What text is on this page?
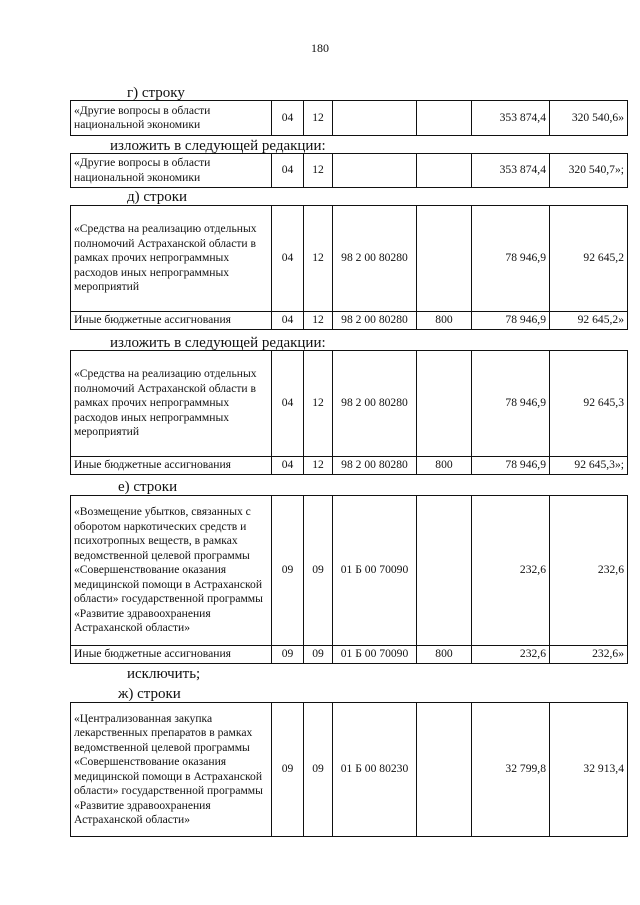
180
г) строку
«Другие вопросы в области национальной экономики	04	12			353 874,4	320 540,6»
изложить в следующей редакции:
«Другие вопросы в области национальной экономики	04	12			353 874,4	320 540,7»;
д) строки
«Средства на реализацию отдельных полномочий Астраханской области в рамках прочих непрограммных расходов иных непрограммных мероприятий	04	12	98 2 00 80280		78 946,9	92 645,2
Иные бюджетные ассигнования	04	12	98 2 00 80280	800	78 946,9	92 645,2»
изложить в следующей редакции:
«Средства на реализацию отдельных полномочий Астраханской области в рамках прочих непрограммных расходов иных непрограммных мероприятий	04	12	98 2 00 80280		78 946,9	92 645,3
Иные бюджетные ассигнования	04	12	98 2 00 80280	800	78 946,9	92 645,3»;
е) строки
«Возмещение убытков, связанных с оборотом наркотических средств и психотропных веществ, в рамках ведомственной целевой программы «Совершенствование оказания медицинской помощи в Астраханской области» государственной программы «Развитие здравоохранения Астраханской области»	09	09	01 Б 00 70090		232,6	232,6
Иные бюджетные ассигнования	09	09	01 Б 00 70090	800	232,6	232,6»
исключить;
ж) строки
«Централизованная закупка лекарственных препаратов в рамках ведомственной целевой программы «Совершенствование оказания медицинской помощи в Астраханской области» государственной программы «Развитие здравоохранения Астраханской области»	09	09	01 Б 00 80230		32 799,8	32 913,4
